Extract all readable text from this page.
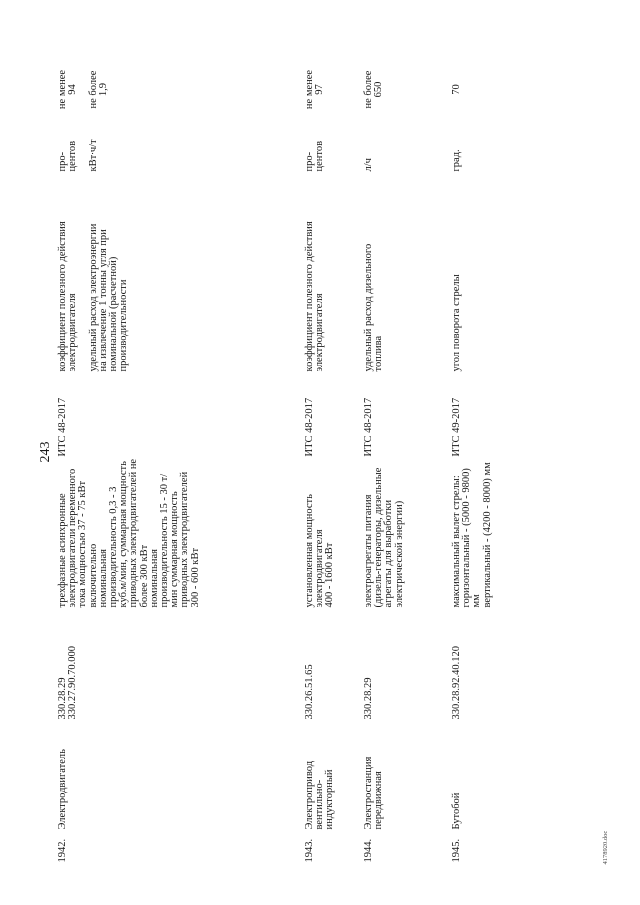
243
1942.
Электродвигатель
330.28.29
330.27.90.70.000
трехфазные асинхронные электродвигатели переменного тока мощностью 37 - 75 кВт включительно
номинальная производительность 0,3 - 3 куб.м/мин, суммарная мощность приводных электродвигателей не более 300 кВт
номинальная производительность 15 - 30 т/мин суммарная мощность приводных электродвигателей 300 - 600 кВт
ИТС 48-2017
коэффициент полезного действия электродвигателя

удельный расход электроэнергии на извлечение 1 тонны угля при номинальной (расчетной) производительности
про-
центов

кВт∙ч/т
не менее
94

не более
1,9
1943.
Электропривод вентильно-индукторный
330.26.51.65
установленная мощность электродвигателя
400 - 1600 кВт
ИТС 48-2017
коэффициент полезного действия электродвигателя
про-
центов
не менее
97
1944.
Электростанция передвижная
330.28.29
электроагрегаты питания (дизель-генераторы, дизельные агрегаты для выработки электрической энергии)
ИТС 48-2017
удельный расход дизельного топлива
л/ч
не более
650
1945.
Бутобой
330.28.92.40.120
максимальный вылет стрелы: горизонтальный - (5000 - 9800) мм
вертикальный - (4200 - 8000) мм
ИТС 49-2017
угол поворота стрелы
град.
70
4178920.doc
